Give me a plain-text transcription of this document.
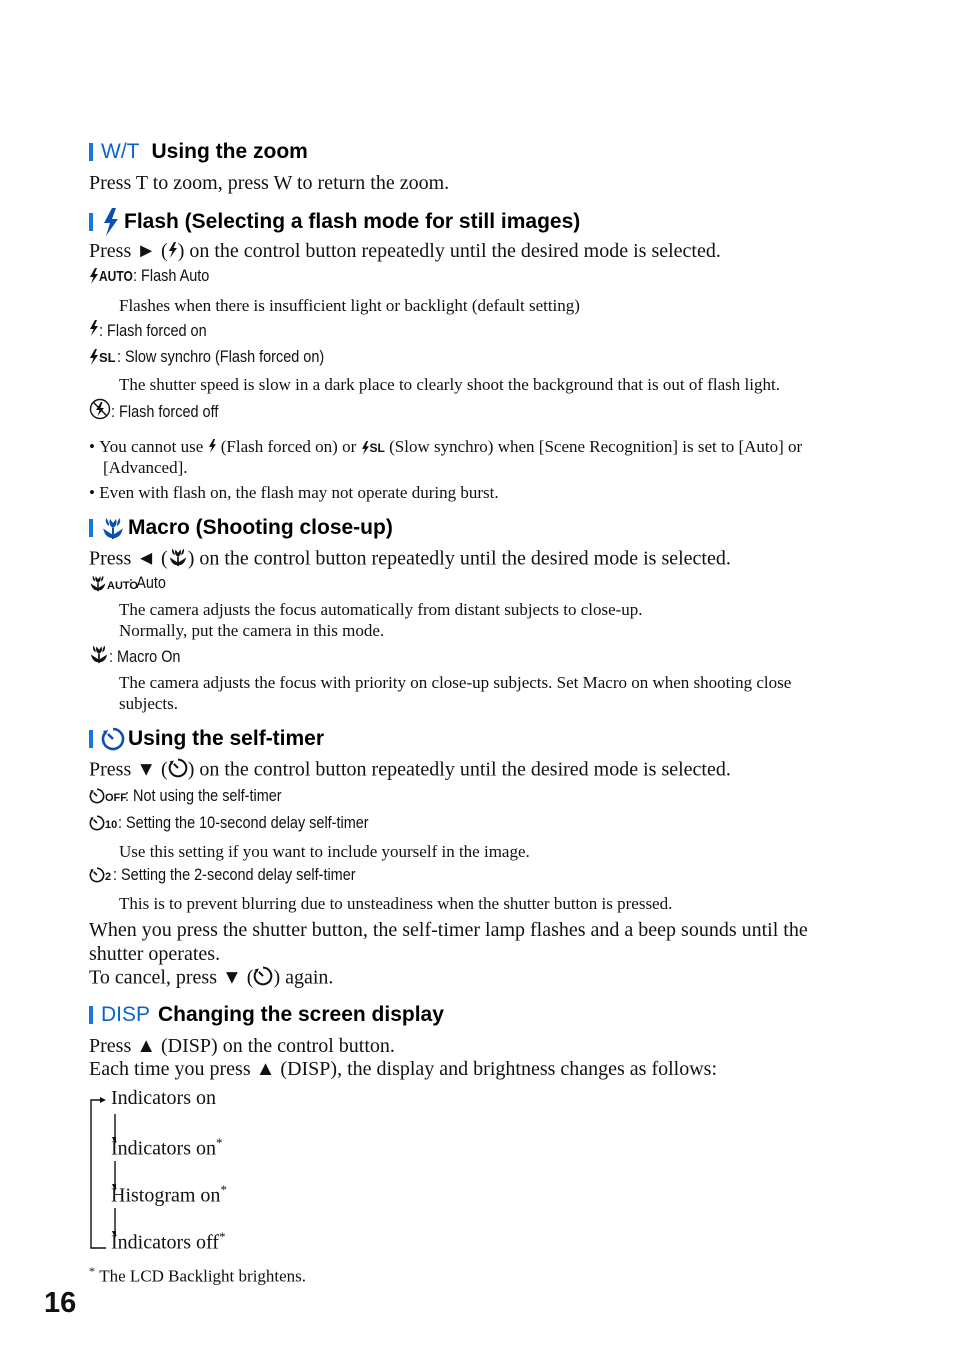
W/T Using the zoom
Press T to zoom, press W to return the zoom.
Flash (Selecting a flash mode for still images)
Press ► ( ) on the control button repeatedly until the desired mode is selected.
AUTO : Flash Auto
Flashes when there is insufficient light or backlight (default setting)
: Flash forced on
SL : Slow synchro (Flash forced on)
The shutter speed is slow in a dark place to clearly shoot the background that is out of flash light.
: Flash forced off
• You cannot use (Flash forced on) or SL (Slow synchro) when [Scene Recognition] is set to [Auto] or
[Advanced].
• Even with flash on, the flash may not operate during burst.
Macro (Shooting close-up)
Press ◄ ( ) on the control button repeatedly until the desired mode is selected.
AUTO
: Auto
The camera adjusts the focus automatically from distant subjects to close-up.
Normally, put the camera in this mode.
: Macro On
The camera adjusts the focus with priority on close-up subjects. Set Macro on when shooting close
subjects.
Using the self-timer
Press ▼ ( ) on the control button repeatedly until the desired mode is selected.
OFF
: Not using the self-timer
10 : Setting the 10-second delay self-timer
Use this setting if you want to include yourself in the image.
2 : Setting the 2-second delay self-timer
This is to prevent blurring due to unsteadiness when the shutter button is pressed.
When you press the shutter button, the self-timer lamp flashes and a beep sounds until the
shutter operates.
To cancel, press ▼ ( ) again.
DISP Changing the screen display
Press ▲ (DISP) on the control button.
Each time you press ▲ (DISP), the display and brightness changes as follows:
Indicators on
Indicators on*
Histogram on*
Indicators off*
* The LCD Backlight brightens.
16
